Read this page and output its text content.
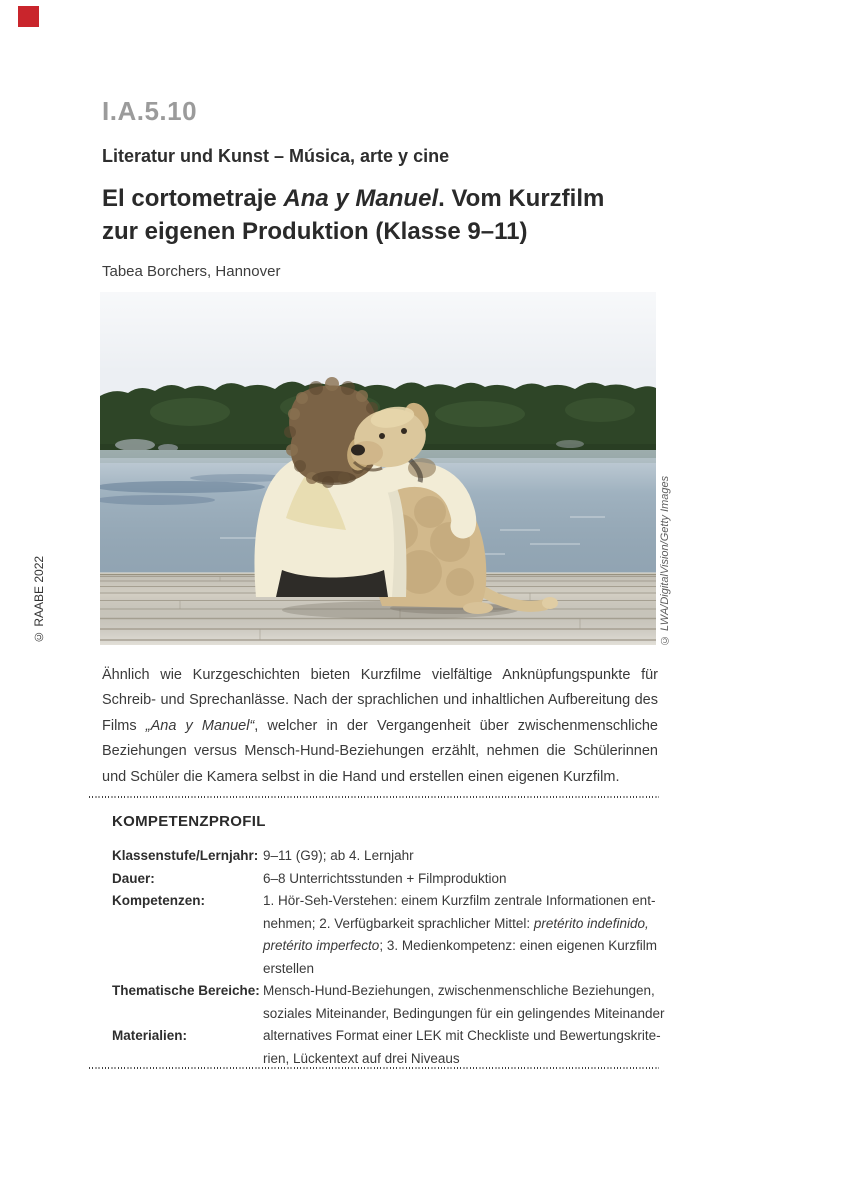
I.A.5.10
Literatur und Kunst – Música, arte y cine
El cortometraje Ana y Manuel. Vom Kurzfilm
zur eigenen Produktion (Klasse 9–11)
Tabea Borchers, Hannover
© RAABE 2022	© LWA/DigitalVision/Getty Images

Ähnlich wie Kurzgeschichten bieten Kurzfilme vielfältige Anknüpfungspunkte für Schreib- und Sprechanlässe. Nach der sprachlichen und inhaltlichen Aufbereitung des Films „Ana y Manuel“, welcher in der Vergangenheit über zwischenmenschliche Beziehungen versus Mensch-Hund-Beziehungen erzählt, nehmen die Schülerinnen und Schüler die Kamera selbst in die Hand und erstellen einen eigenen Kurzfilm.

KOMPETENZPROFIL
Klassenstufe/Lernjahr: 9–11 (G9); ab 4. Lernjahr
Dauer:	6–8 Unterrichtsstunden + Filmproduktion
Kompetenzen:	1. Hör-Seh-Verstehen: einem Kurzfilm zentrale Informationen ent-
nehmen; 2. Verfügbarkeit sprachlicher Mittel: pretérito indefinido,
pretérito imperfecto; 3. Medienkompetenz: einen eigenen Kurzfilm
erstellen
Thematische Bereiche: Mensch-Hund-Beziehungen, zwischenmenschliche Beziehungen,
soziales Miteinander, Bedingungen für ein gelingendes Miteinander
Materialien:	alternatives Format einer LEK mit Checkliste und Bewertungskrite-
rien, Lückentext auf drei Niveaus
